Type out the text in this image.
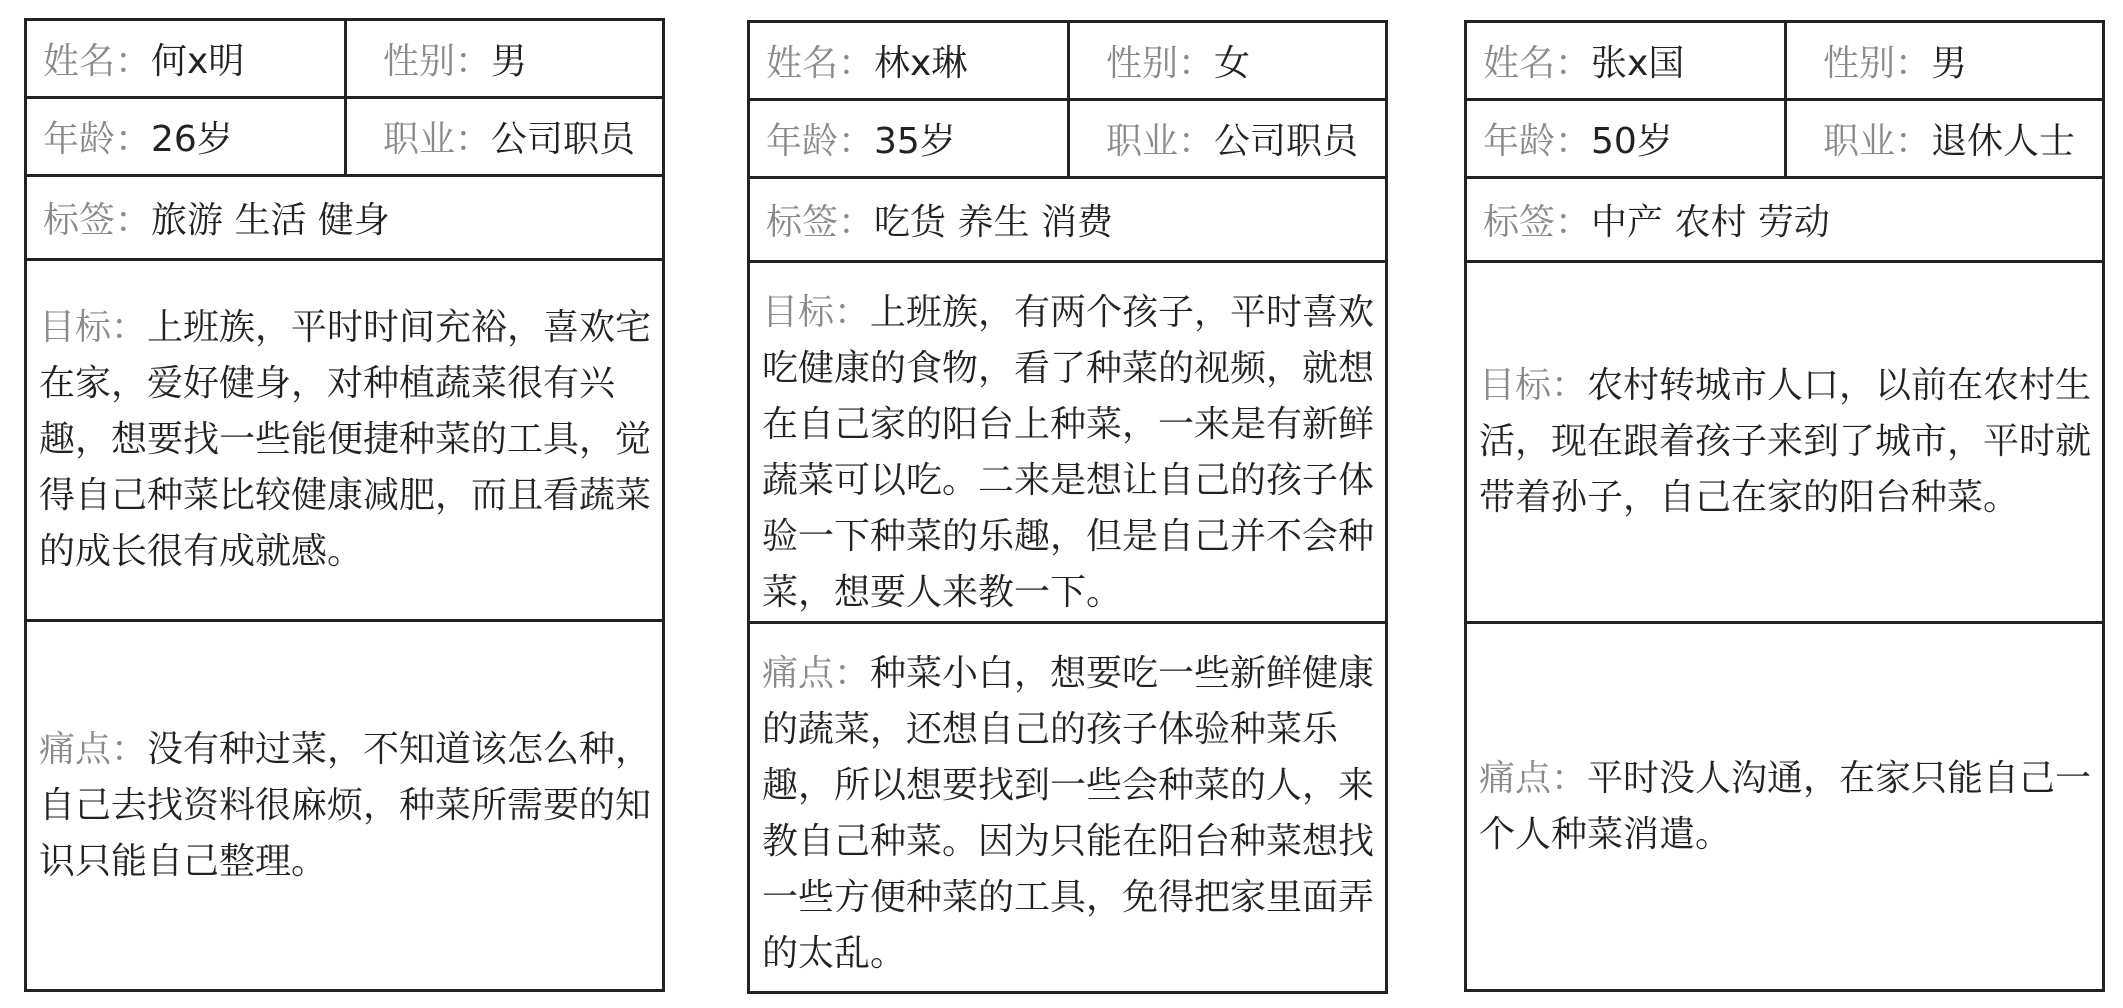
姓名 ： 何x明	性别 ： 男
年龄 ： 26岁	职业 ： 公司职员
标签 ： 旅游 生活 健身

目标：上班族，平时时间充裕，喜欢宅在家，爱好健身，对种植蔬菜很有兴趣，想要找一些能便捷种菜的工具，觉得自己种菜比较健康减肥，而且看蔬菜的成长很有成就感。

痛点：没有种过菜，不知道该怎么种，自己去找资料很麻烦，种菜所需要的知识只能自己整理。

姓名 ： 林x琳	性别 ： 女
年龄 ： 35岁	职业 ： 公司职员
标签 ： 吃货 养生 消费

目标：上班族，有两个孩子，平时喜欢吃健康的食物，看了种菜的视频，就想在自己家的阳台上种菜，一来是有新鲜蔬菜可以吃。二来是想让自己的孩子体验一下种菜的乐趣，但是自己并不会种菜，想要人来教一下。

痛点：种菜小白，想要吃一些新鲜健康的蔬菜，还想自己的孩子体验种菜乐趣，所以想要找到一些会种菜的人，来教自己种菜。因为只能在阳台种菜想找一些方便种菜的工具，免得把家里面弄的太乱。

姓名 ： 张x国	性别 ： 男
年龄 ： 50岁	职业 ： 退休人士
标签 ： 中产 农村 劳动

目标：农村转城市人口，以前在农村生活，现在跟着孩子来到了城市，平时就带着孙子，自己在家的阳台种菜。

痛点：平时没人沟通，在家只能自己一个人种菜消遣。
